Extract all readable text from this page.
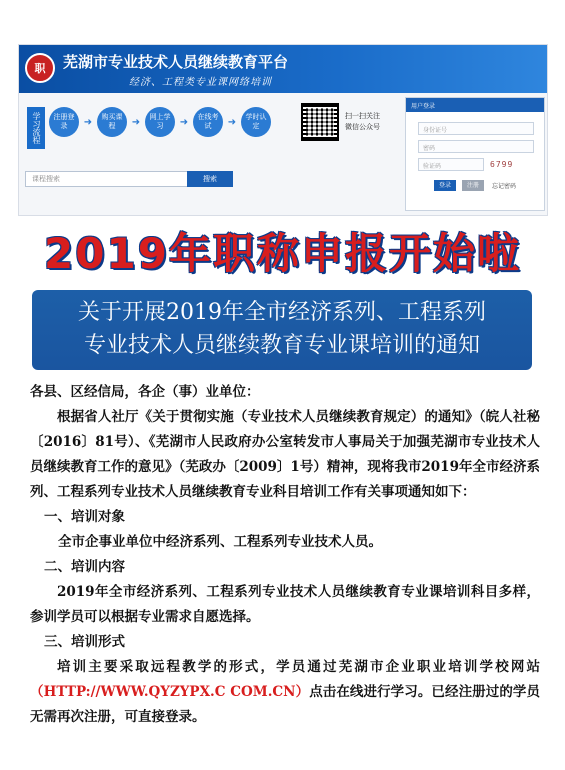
职 芜湖市专业技术人员继续教育平台
经济、工程类专业课网络培训
学习流程	注册登录	➜	购买课程	➜	网上学习	➜	在线考试	➜	学时认定
课程搜索	搜索
扫一扫关注
微信公众号
用户登录
身份证号
密码
验证码	6799
登录	注册	忘记密码
2019年职称申报开始啦
关于开展2019年全市经济系列、工程系列
专业技术人员继续教育专业课培训的通知

各县、区经信局，各企（事）业单位：

根据省人社厅《关于贯彻实施（专业技术人员继续教育规定）的通知》（皖人社秘〔2016〕81号）、《芜湖市人民政府办公室转发市人事局关于加强芜湖市专业技术人员继续教育工作的意见》（芜政办〔2009〕1号）精神，现将我市2019年全市经济系列、工程系列专业技术人员继续教育专业科目培训工作有关事项通知如下：

一、培训对象

全市企事业单位中经济系列、工程系列专业技术人员。

二、培训内容

2019年全市经济系列、工程系列专业技术人员继续教育专业课培训科目多样，参训学员可以根据专业需求自愿选择。

三、培训形式

培训主要采取远程教学的形式，学员通过芜湖市企业职业培训学校网站（HTTP://WWW.QYZYPX.C COM.CN）点击在线进行学习。已经注册过的学员无需再次注册，可直接登录。
